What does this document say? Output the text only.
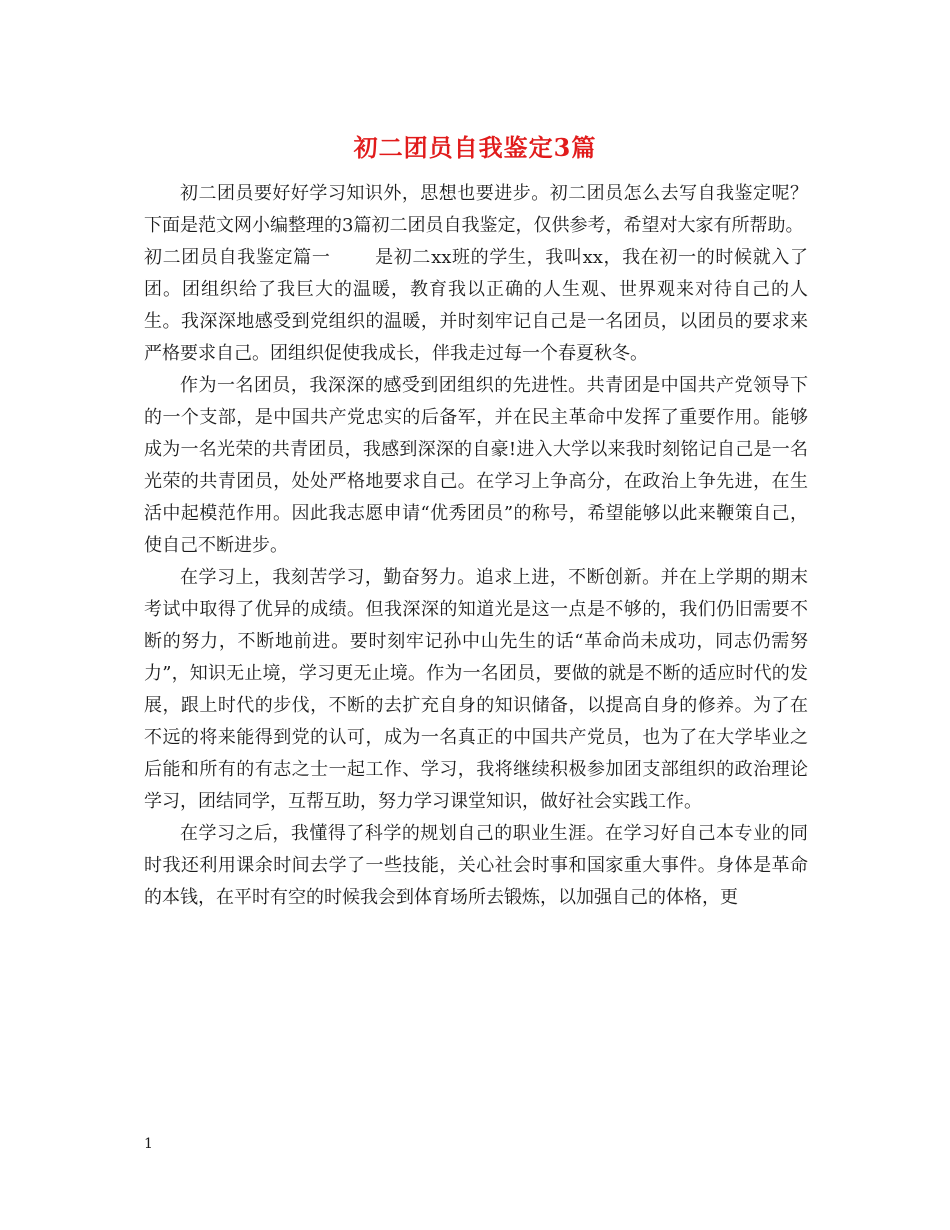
初二团员自我鉴定3篇

初二团员要好好学习知识外，思想也要进步。初二团员怎么去写自我鉴定呢？下面是范文网小编整理的3篇初二团员自我鉴定，仅供参考，希望对大家有所帮助。

初二团员自我鉴定篇一 是初二xx班的学生，我叫xx，我在初一的时候就入了团。团组织给了我巨大的温暖，教育我以正确的人生观、世界观来对待自己的人生。我深深地感受到党组织的温暖，并时刻牢记自己是一名团员，以团员的要求来严格要求自己。团组织促使我成长，伴我走过每一个春夏秋冬。

作为一名团员，我深深的感受到团组织的先进性。共青团是中国共产党领导下的一个支部，是中国共产党忠实的后备军，并在民主革命中发挥了重要作用。能够成为一名光荣的共青团员，我感到深深的自豪!进入大学以来我时刻铭记自己是一名光荣的共青团员，处处严格地要求自己。在学习上争高分，在政治上争先进，在生活中起模范作用。因此我志愿申请“优秀团员”的称号，希望能够以此来鞭策自己，使自己不断进步。

在学习上，我刻苦学习，勤奋努力。追求上进，不断创新。并在上学期的期末考试中取得了优异的成绩。但我深深的知道光是这一点是不够的，我们仍旧需要不断的努力，不断地前进。要时刻牢记孙中山先生的话“革命尚未成功，同志仍需努力”，知识无止境，学习更无止境。作为一名团员，要做的就是不断的适应时代的发展，跟上时代的步伐，不断的去扩充自身的知识储备，以提高自身的修养。为了在不远的将来能得到党的认可，成为一名真正的中国共产党员，也为了在大学毕业之后能和所有的有志之士一起工作、学习，我将继续积极参加团支部组织的政治理论学习，团结同学，互帮互助，努力学习课堂知识，做好社会实践工作。

在学习之后，我懂得了科学的规划自己的职业生涯。在学习好自己本专业的同时我还利用课余时间去学了一些技能，关心社会时事和国家重大事件。身体是革命的本钱，在平时有空的时候我会到体育场所去锻炼，以加强自己的体格，更

1
